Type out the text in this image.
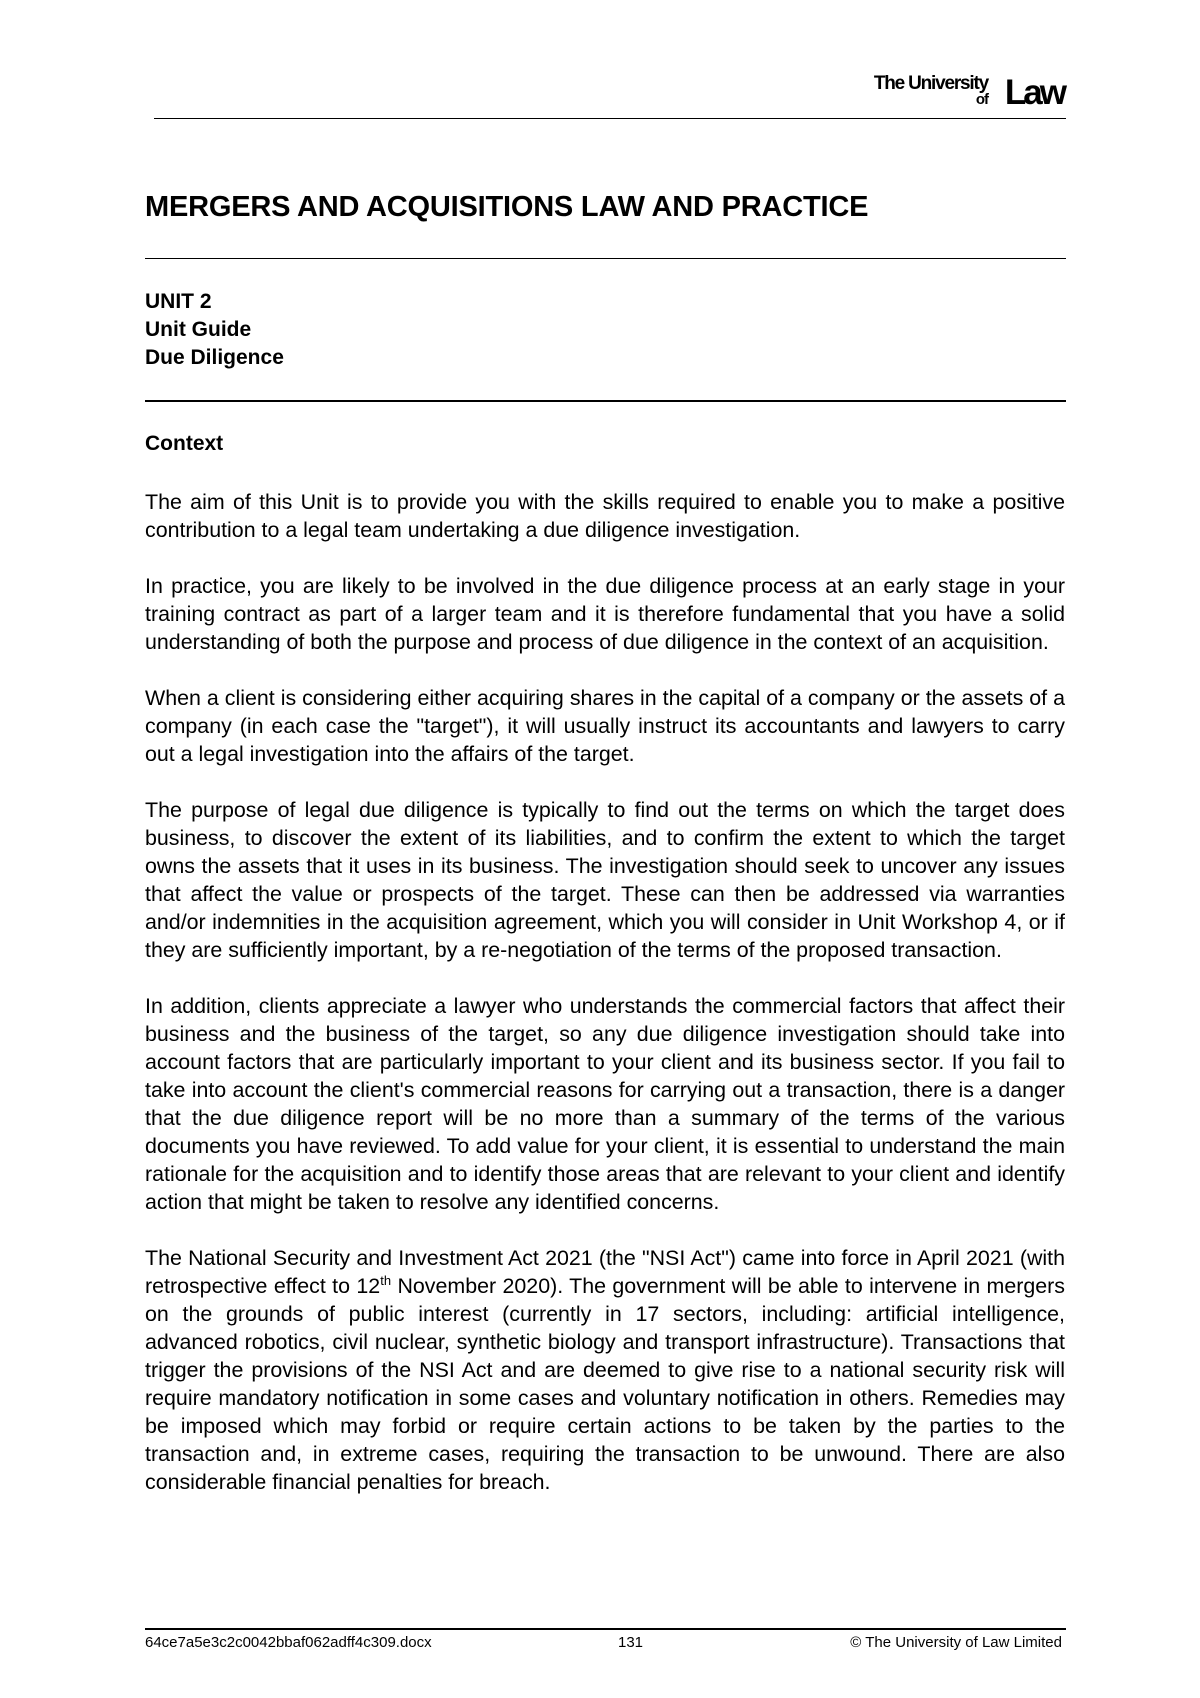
The University
of Law
MERGERS AND ACQUISITIONS LAW AND PRACTICE
UNIT 2
Unit Guide
Due Diligence
Context

The aim of this Unit is to provide you with the skills required to enable you to make a positive contribution to a legal team undertaking a due diligence investigation.

In practice, you are likely to be involved in the due diligence process at an early stage in your training contract as part of a larger team and it is therefore fundamental that you have a solid understanding of both the purpose and process of due diligence in the context of an acquisition.

When a client is considering either acquiring shares in the capital of a company or the assets of a company (in each case the "target"), it will usually instruct its accountants and lawyers to carry out a legal investigation into the affairs of the target.

The purpose of legal due diligence is typically to find out the terms on which the target does business, to discover the extent of its liabilities, and to confirm the extent to which the target owns the assets that it uses in its business. The investigation should seek to uncover any issues that affect the value or prospects of the target. These can then be addressed via warranties and/or indemnities in the acquisition agreement, which you will consider in Unit Workshop 4, or if they are sufficiently important, by a re-negotiation of the terms of the proposed transaction.

In addition, clients appreciate a lawyer who understands the commercial factors that affect their business and the business of the target, so any due diligence investigation should take into account factors that are particularly important to your client and its business sector. If you fail to take into account the client's commercial reasons for carrying out a transaction, there is a danger that the due diligence report will be no more than a summary of the terms of the various documents you have reviewed. To add value for your client, it is essential to understand the main rationale for the acquisition and to identify those areas that are relevant to your client and identify action that might be taken to resolve any identified concerns.

The National Security and Investment Act 2021 (the "NSI Act") came into force in April 2021 (with retrospective effect to 12th November 2020). The government will be able to intervene in mergers on the grounds of public interest (currently in 17 sectors, including: artificial intelligence, advanced robotics, civil nuclear, synthetic biology and transport infrastructure). Transactions that trigger the provisions of the NSI Act and are deemed to give rise to a national security risk will require mandatory notification in some cases and voluntary notification in others. Remedies may be imposed which may forbid or require certain actions to be taken by the parties to the transaction and, in extreme cases, requiring the transaction to be unwound. There are also considerable financial penalties for breach.

64ce7a5e3c2c0042bbaf062adff4c309.docx	131	© The University of Law Limited
